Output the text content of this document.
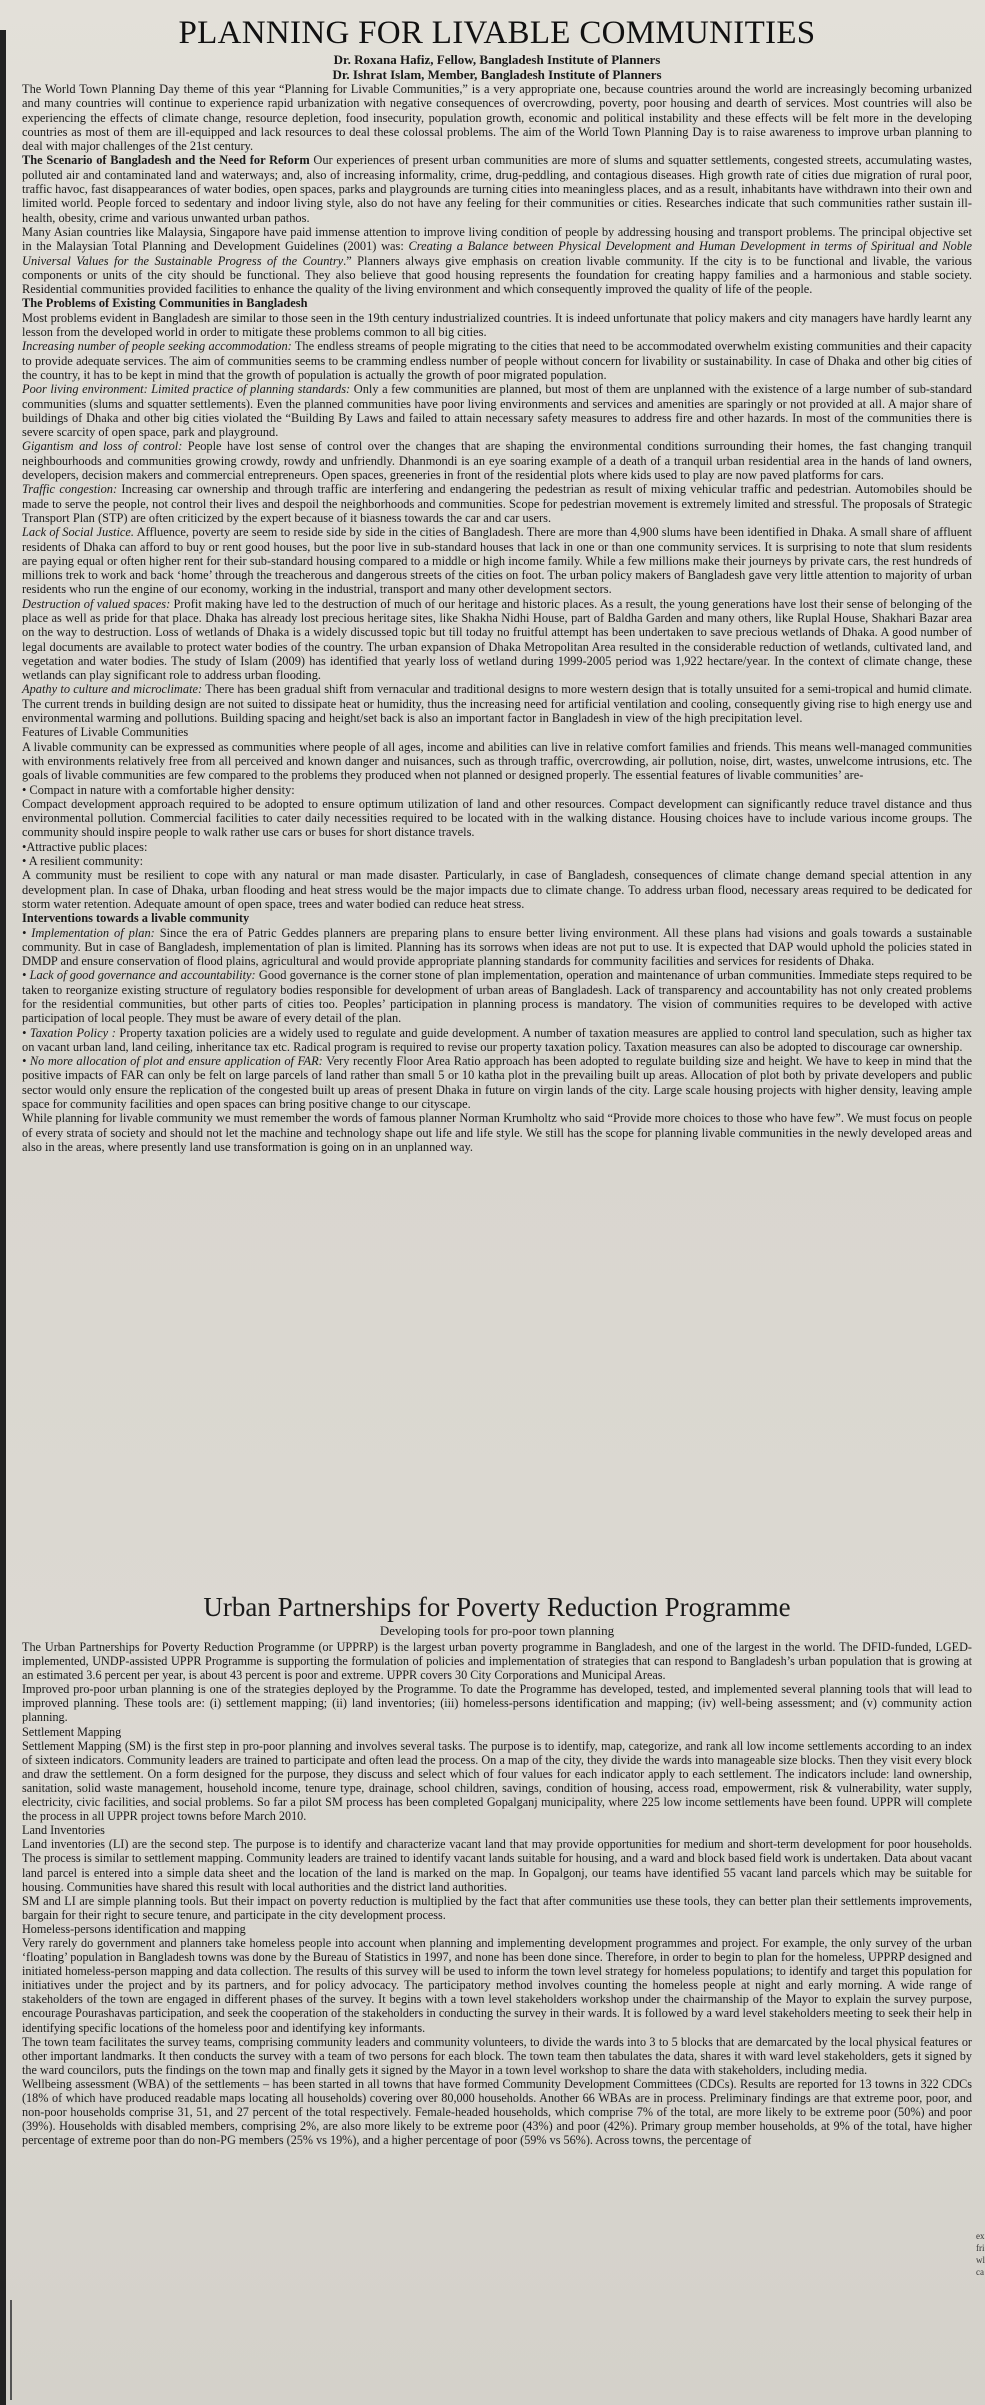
PLANNING FOR LIVABLE COMMUNITIES
Dr. Roxana Hafiz, Fellow, Bangladesh Institute of Planners
Dr. Ishrat Islam, Member, Bangladesh Institute of Planners

The World Town Planning Day theme of this year “Planning for Livable Communities,” is a very appropriate one, because countries around the world are increasingly becoming urbanized and many countries will continue to experience rapid urbanization with negative consequences of overcrowding, poverty, poor housing and dearth of services. Most countries will also be experiencing the effects of climate change, resource depletion, food insecurity, population growth, economic and political instability and these effects will be felt more in the developing countries as most of them are ill-equipped and lack resources to deal these colossal problems. The aim of the World Town Planning Day is to raise awareness to improve urban planning to deal with major challenges of the 21st century.

The Scenario of Bangladesh and the Need for Reform Our experiences of present urban communities are more of slums and squatter settlements, congested streets, accumulating wastes, polluted air and contaminated land and waterways; and, also of increasing informality, crime, drug-peddling, and contagious diseases. High growth rate of cities due migration of rural poor, traffic havoc, fast disappearances of water bodies, open spaces, parks and playgrounds are turning cities into meaningless places, and as a result, inhabitants have withdrawn into their own and limited world. People forced to sedentary and indoor living style, also do not have any feeling for their communities or cities. Researches indicate that such communities rather sustain ill-health, obesity, crime and various unwanted urban pathos.

Many Asian countries like Malaysia, Singapore have paid immense attention to improve living condition of people by addressing housing and transport problems. The principal objective set in the Malaysian Total Planning and Development Guidelines (2001) was: Creating a Balance between Physical Development and Human Development in terms of Spiritual and Noble Universal Values for the Sustainable Progress of the Country.” Planners always give emphasis on creation livable community. If the city is to be functional and livable, the various components or units of the city should be functional. They also believe that good housing represents the foundation for creating happy families and a harmonious and stable society. Residential communities provided facilities to enhance the quality of the living environment and which consequently improved the quality of life of the people.

The Problems of Existing Communities in Bangladesh

Most problems evident in Bangladesh are similar to those seen in the 19th century industrialized countries. It is indeed unfortunate that policy makers and city managers have hardly learnt any lesson from the developed world in order to mitigate these problems common to all big cities.

Increasing number of people seeking accommodation: The endless streams of people migrating to the cities that need to be accommodated overwhelm existing communities and their capacity to provide adequate services. The aim of communities seems to be cramming endless number of people without concern for livability or sustainability. In case of Dhaka and other big cities of the country, it has to be kept in mind that the growth of population is actually the growth of poor migrated population.

Poor living environment: Limited practice of planning standards: Only a few communities are planned, but most of them are unplanned with the existence of a large number of sub-standard communities (slums and squatter settlements). Even the planned communities have poor living environments and services and amenities are sparingly or not provided at all. A major share of buildings of Dhaka and other big cities violated the “Building By Laws and failed to attain necessary safety measures to address fire and other hazards. In most of the communities there is severe scarcity of open space, park and playground.

Gigantism and loss of control: People have lost sense of control over the changes that are shaping the environmental conditions surrounding their homes, the fast changing tranquil neighbourhoods and communities growing crowdy, rowdy and unfriendly. Dhanmondi is an eye soaring example of a death of a tranquil urban residential area in the hands of land owners, developers, decision makers and commercial entrepreneurs. Open spaces, greeneries in front of the residential plots where kids used to play are now paved platforms for cars.

Traffic congestion: Increasing car ownership and through traffic are interfering and endangering the pedestrian as result of mixing vehicular traffic and pedestrian. Automobiles should be made to serve the people, not control their lives and despoil the neighborhoods and communities. Scope for pedestrian movement is extremely limited and stressful. The proposals of Strategic Transport Plan (STP) are often criticized by the expert because of it biasness towards the car and car users.

Lack of Social Justice. Affluence, poverty are seem to reside side by side in the cities of Bangladesh. There are more than 4,900 slums have been identified in Dhaka. A small share of affluent residents of Dhaka can afford to buy or rent good houses, but the poor live in sub-standard houses that lack in one or than one community services. It is surprising to note that slum residents are paying equal or often higher rent for their sub-standard housing compared to a middle or high income family. While a few millions make their journeys by private cars, the rest hundreds of millions trek to work and back ‘home’ through the treacherous and dangerous streets of the cities on foot. The urban policy makers of Bangladesh gave very little attention to majority of urban residents who run the engine of our economy, working in the industrial, transport and many other development sectors.

Destruction of valued spaces: Profit making have led to the destruction of much of our heritage and historic places. As a result, the young generations have lost their sense of belonging of the place as well as pride for that place. Dhaka has already lost precious heritage sites, like Shakha Nidhi House, part of Baldha Garden and many others, like Ruplal House, Shakhari Bazar area on the way to destruction. Loss of wetlands of Dhaka is a widely discussed topic but till today no fruitful attempt has been undertaken to save precious wetlands of Dhaka. A good number of legal documents are available to protect water bodies of the country. The urban expansion of Dhaka Metropolitan Area resulted in the considerable reduction of wetlands, cultivated land, and vegetation and water bodies. The study of Islam (2009) has identified that yearly loss of wetland during 1999-2005 period was 1,922 hectare/year. In the context of climate change, these wetlands can play significant role to address urban flooding.

Apathy to culture and microclimate: There has been gradual shift from vernacular and traditional designs to more western design that is totally unsuited for a semi-tropical and humid climate. The current trends in building design are not suited to dissipate heat or humidity, thus the increasing need for artificial ventilation and cooling, consequently giving rise to high energy use and environmental warming and pollutions. Building spacing and height/set back is also an important factor in Bangladesh in view of the high precipitation level.

Features of Livable Communities

A livable community can be expressed as communities where people of all ages, income and abilities can live in relative comfort families and friends. This means well-managed communities with environments relatively free from all perceived and known danger and nuisances, such as through traffic, overcrowding, air pollution, noise, dirt, wastes, unwelcome intrusions, etc. The goals of livable communities are few compared to the problems they produced when not planned or designed properly. The essential features of livable communities’ are-

• Compact in nature with a comfortable higher density:

Compact development approach required to be adopted to ensure optimum utilization of land and other resources. Compact development can significantly reduce travel distance and thus environmental pollution. Commercial facilities to cater daily necessities required to be located with in the walking distance. Housing choices have to include various income groups. The community should inspire people to walk rather use cars or buses for short distance travels.

•Attractive public places:

• A resilient community:

A community must be resilient to cope with any natural or man made disaster. Particularly, in case of Bangladesh, consequences of climate change demand special attention in any development plan. In case of Dhaka, urban flooding and heat stress would be the major impacts due to climate change. To address urban flood, necessary areas required to be dedicated for storm water retention. Adequate amount of open space, trees and water bodied can reduce heat stress.

Interventions towards a livable community

• Implementation of plan: Since the era of Patric Geddes planners are preparing plans to ensure better living environment. All these plans had visions and goals towards a sustainable community. But in case of Bangladesh, implementation of plan is limited. Planning has its sorrows when ideas are not put to use. It is expected that DAP would uphold the policies stated in DMDP and ensure conservation of flood plains, agricultural and would provide appropriate planning standards for community facilities and services for residents of Dhaka.

• Lack of good governance and accountability: Good governance is the corner stone of plan implementation, operation and maintenance of urban communities. Immediate steps required to be taken to reorganize existing structure of regulatory bodies responsible for development of urban areas of Bangladesh. Lack of transparency and accountability has not only created problems for the residential communities, but other parts of cities too. Peoples’ participation in planning process is mandatory. The vision of communities requires to be developed with active participation of local people. They must be aware of every detail of the plan.

• Taxation Policy : Property taxation policies are a widely used to regulate and guide development. A number of taxation measures are applied to control land speculation, such as higher tax on vacant urban land, land ceiling, inheritance tax etc. Radical program is required to revise our property taxation policy. Taxation measures can also be adopted to discourage car ownership.

• No more allocation of plot and ensure application of FAR: Very recently Floor Area Ratio approach has been adopted to regulate building size and height. We have to keep in mind that the positive impacts of FAR can only be felt on large parcels of land rather than small 5 or 10 katha plot in the prevailing built up areas. Allocation of plot both by private developers and public sector would only ensure the replication of the congested built up areas of present Dhaka in future on virgin lands of the city. Large scale housing projects with higher density, leaving ample space for community facilities and open spaces can bring positive change to our cityscape.

While planning for livable community we must remember the words of famous planner Norman Krumholtz who said “Provide more choices to those who have few”. We must focus on people of every strata of society and should not let the machine and technology shape out life and life style. We still has the scope for planning livable communities in the newly developed areas and also in the areas, where presently land use transformation is going on in an unplanned way.

Urban Partnerships for Poverty Reduction Programme
Developing tools for pro-poor town planning

The Urban Partnerships for Poverty Reduction Programme (or UPPRP) is the largest urban poverty programme in Bangladesh, and one of the largest in the world. The DFID-funded, LGED-implemented, UNDP-assisted UPPR Programme is supporting the formulation of policies and implementation of strategies that can respond to Bangladesh’s urban population that is growing at an estimated 3.6 percent per year, is about 43 percent is poor and extreme. UPPR covers 30 City Corporations and Municipal Areas.

Improved pro-poor urban planning is one of the strategies deployed by the Programme. To date the Programme has developed, tested, and implemented several planning tools that will lead to improved planning. These tools are: (i) settlement mapping; (ii) land inventories; (iii) homeless-persons identification and mapping; (iv) well-being assessment; and (v) community action planning.

Settlement Mapping

Settlement Mapping (SM) is the first step in pro-poor planning and involves several tasks. The purpose is to identify, map, categorize, and rank all low income settlements according to an index of sixteen indicators. Community leaders are trained to participate and often lead the process. On a map of the city, they divide the wards into manageable size blocks. Then they visit every block and draw the settlement. On a form designed for the purpose, they discuss and select which of four values for each indicator apply to each settlement. The indicators include: land ownership, sanitation, solid waste management, household income, tenure type, drainage, school children, savings, condition of housing, access road, empowerment, risk & vulnerability, water supply, electricity, civic facilities, and social problems. So far a pilot SM process has been completed Gopalganj municipality, where 225 low income settlements have been found. UPPR will complete the process in all UPPR project towns before March 2010.

Land Inventories

Land inventories (LI) are the second step. The purpose is to identify and characterize vacant land that may provide opportunities for medium and short-term development for poor households. The process is similar to settlement mapping. Community leaders are trained to identify vacant lands suitable for housing, and a ward and block based field work is undertaken. Data about vacant land parcel is entered into a simple data sheet and the location of the land is marked on the map. In Gopalgonj, our teams have identified 55 vacant land parcels which may be suitable for housing. Communities have shared this result with local authorities and the district land authorities.

SM and LI are simple planning tools. But their impact on poverty reduction is multiplied by the fact that after communities use these tools, they can better plan their settlements improvements, bargain for their right to secure tenure, and participate in the city development process.

Homeless-persons identification and mapping

Very rarely do government and planners take homeless people into account when planning and implementing development programmes and project. For example, the only survey of the urban ‘floating’ population in Bangladesh towns was done by the Bureau of Statistics in 1997, and none has been done since. Therefore, in order to begin to plan for the homeless, UPPRP designed and initiated homeless-person mapping and data collection. The results of this survey will be used to inform the town level strategy for homeless populations; to identify and target this population for initiatives under the project and by its partners, and for policy advocacy. The participatory method involves counting the homeless people at night and early morning. A wide range of stakeholders of the town are engaged in different phases of the survey. It begins with a town level stakeholders workshop under the chairmanship of the Mayor to explain the survey purpose, encourage Pourashavas participation, and seek the cooperation of the stakeholders in conducting the survey in their wards. It is followed by a ward level stakeholders meeting to seek their help in identifying specific locations of the homeless poor and identifying key informants.

The town team facilitates the survey teams, comprising community leaders and community volunteers, to divide the wards into 3 to 5 blocks that are demarcated by the local physical features or other important landmarks. It then conducts the survey with a team of two persons for each block. The town team then tabulates the data, shares it with ward level stakeholders, gets it signed by the ward councilors, puts the findings on the town map and finally gets it signed by the Mayor in a town level workshop to share the data with stakeholders, including media.

Wellbeing assessment (WBA) of the settlements – has been started in all towns that have formed Community Development Committees (CDCs). Results are reported for 13 towns in 322 CDCs (18% of which have produced readable maps locating all households) covering over 80,000 households. Another 66 WBAs are in process. Preliminary findings are that extreme poor, poor, and non-poor households comprise 31, 51, and 27 percent of the total respectively. Female-headed households, which comprise 7% of the total, are more likely to be extreme poor (50%) and poor (39%). Households with disabled members, comprising 2%, are also more likely to be extreme poor (43%) and poor (42%). Primary group member households, at 9% of the total, have higher percentage of extreme poor than do non-PG members (25% vs 19%), and a higher percentage of poor (59% vs 56%). Across towns, the percentage of

ex fri wl ca
